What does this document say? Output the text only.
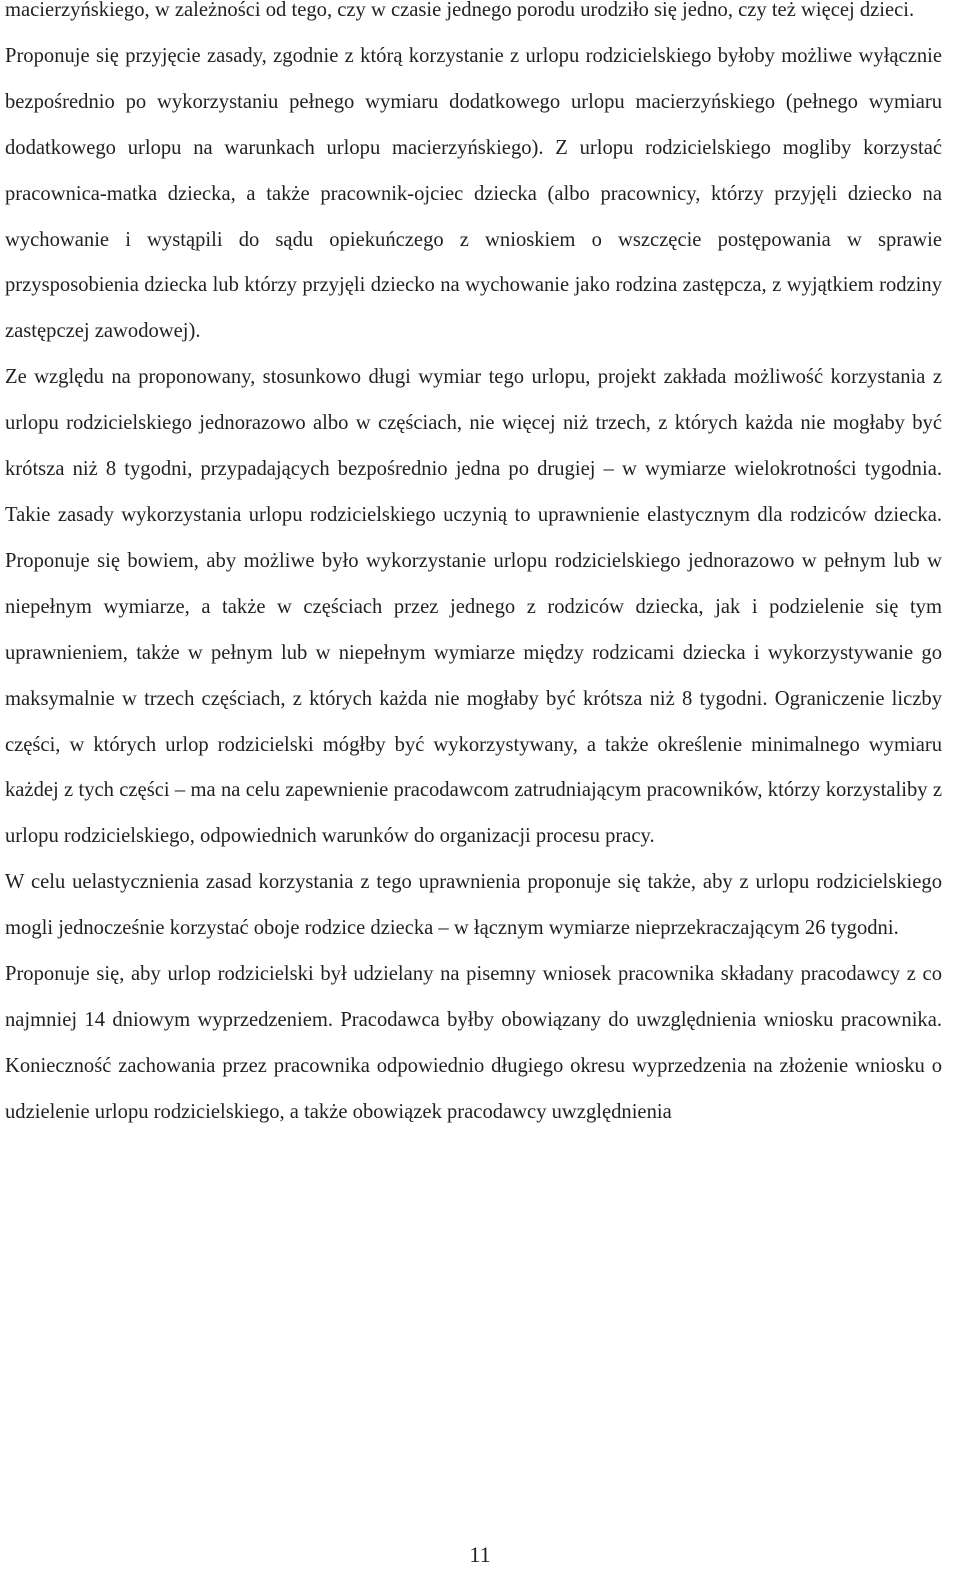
macierzyńskiego, w zależności od tego, czy w czasie jednego porodu urodziło się jedno, czy też więcej dzieci.

Proponuje się przyjęcie zasady, zgodnie z którą korzystanie z urlopu rodzicielskiego byłoby możliwe wyłącznie bezpośrednio po wykorzystaniu pełnego wymiaru dodatkowego urlopu macierzyńskiego (pełnego wymiaru dodatkowego urlopu na warunkach urlopu macierzyńskiego). Z urlopu rodzicielskiego mogliby korzystać pracownica-matka dziecka, a także pracownik-ojciec dziecka (albo pracownicy, którzy przyjęli dziecko na wychowanie i wystąpili do sądu opiekuńczego z wnioskiem o wszczęcie postępowania w sprawie przysposobienia dziecka lub którzy przyjęli dziecko na wychowanie jako rodzina zastępcza, z wyjątkiem rodziny zastępczej zawodowej).

Ze względu na proponowany, stosunkowo długi wymiar tego urlopu, projekt zakłada możliwość korzystania z urlopu rodzicielskiego jednorazowo albo w częściach, nie więcej niż trzech, z których każda nie mogłaby być krótsza niż 8 tygodni, przypadających bezpośrednio jedna po drugiej – w wymiarze wielokrotności tygodnia. Takie zasady wykorzystania urlopu rodzicielskiego uczynią to uprawnienie elastycznym dla rodziców dziecka. Proponuje się bowiem, aby możliwe było wykorzystanie urlopu rodzicielskiego jednorazowo w pełnym lub w niepełnym wymiarze, a także w częściach przez jednego z rodziców dziecka, jak i podzielenie się tym uprawnieniem, także w pełnym lub w niepełnym wymiarze między rodzicami dziecka i wykorzystywanie go maksymalnie w trzech częściach, z których każda nie mogłaby być krótsza niż 8 tygodni. Ograniczenie liczby części, w których urlop rodzicielski mógłby być wykorzystywany, a także określenie minimalnego wymiaru każdej z tych części – ma na celu zapewnienie pracodawcom zatrudniającym pracowników, którzy korzystaliby z urlopu rodzicielskiego, odpowiednich warunków do organizacji procesu pracy.

W celu uelastycznienia zasad korzystania z tego uprawnienia proponuje się także, aby z urlopu rodzicielskiego mogli jednocześnie korzystać oboje rodzice dziecka – w łącznym wymiarze nieprzekraczającym 26 tygodni.

Proponuje się, aby urlop rodzicielski był udzielany na pisemny wniosek pracownika składany pracodawcy z co najmniej 14 dniowym wyprzedzeniem. Pracodawca byłby obowiązany do uwzględnienia wniosku pracownika. Konieczność zachowania przez pracownika odpowiednio długiego okresu wyprzedzenia na złożenie wniosku o udzielenie urlopu rodzicielskiego, a także obowiązek pracodawcy uwzględnienia

11
